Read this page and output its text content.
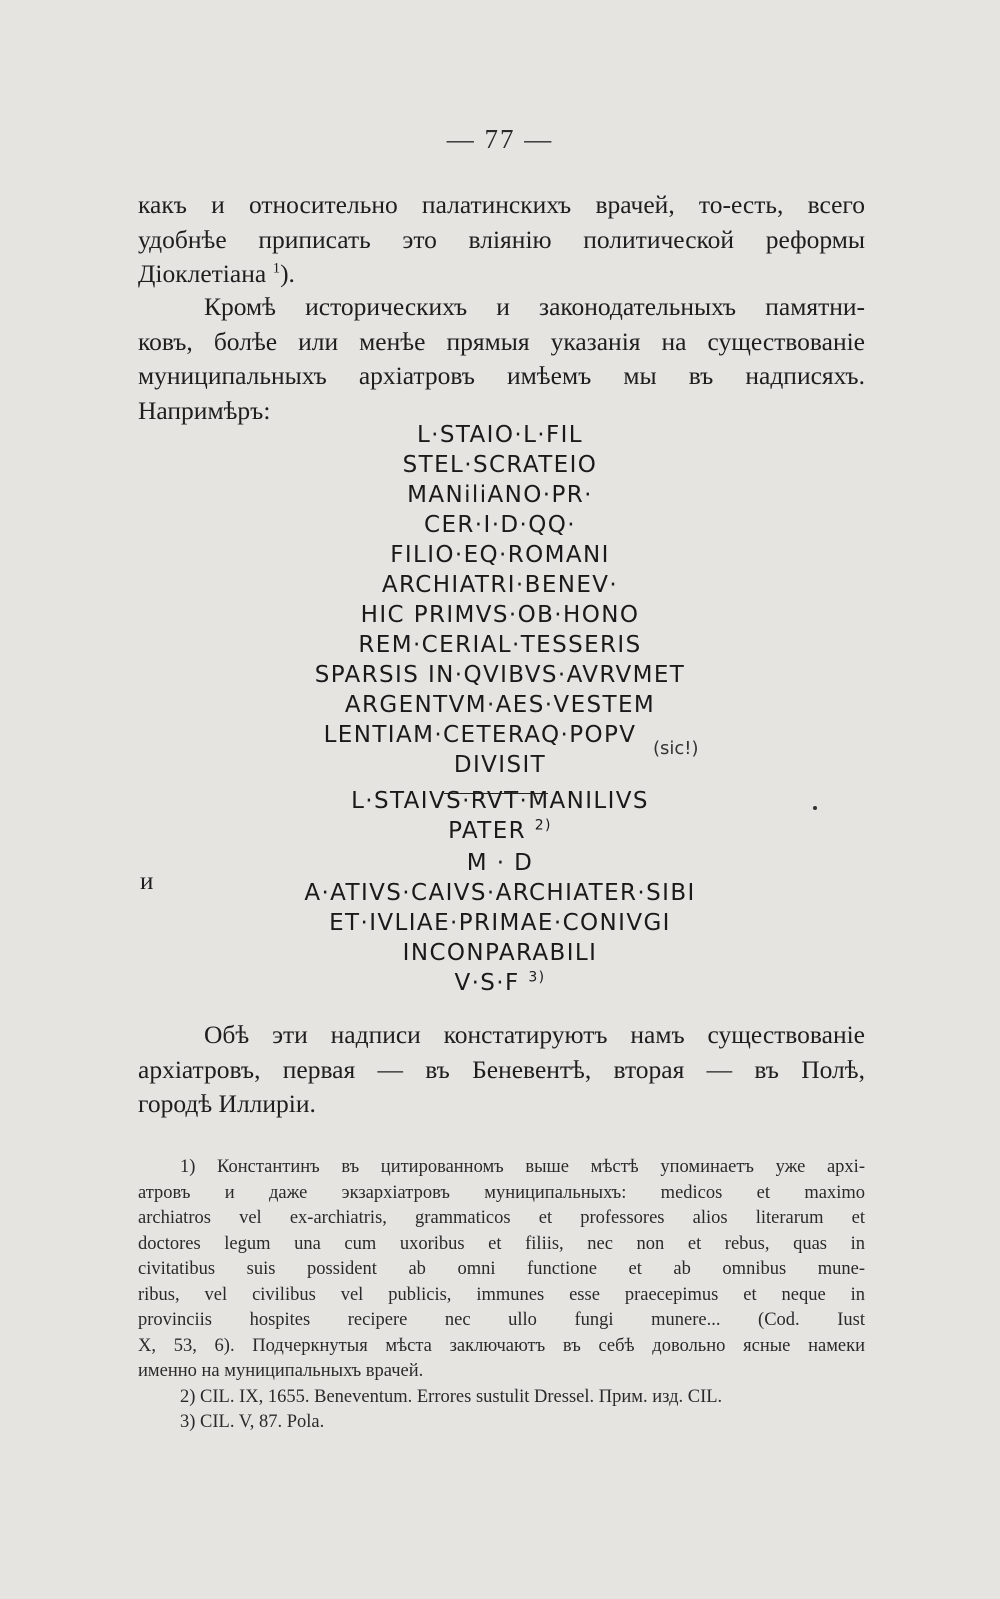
— 77 —
какъ и относительно палатинскихъ врачей, то-есть, всего
удобнѣе приписать это вліянію политической реформы
Діоклетіана $^1$).
Кромѣ историческихъ и законодательныхъ памятни-
ковъ, болѣе или менѣе прямыя указанія на существованіе
муниципальныхъ архіатровъ имѣемъ мы въ надписяхъ.
Напримѣръ:
L·STAIO·L·FIL
STEL·SCRATEIO
MANiliANO·PR·
CER·I·D·QQ·
FILIO·EQ·ROMANI
ARCHIATRI·BENEV·
HIC PRIMVS·OB·HONO
REM·CERIAL·TESSERIS
SPARSIS IN·QVIBVS·AVRVMET
ARGENTVM·AES·VESTEM
LENTIAM·CETERAQ·POPV
DIVISIT
L·STAIVS·RVT·MANILIVS
PATER $^{2)}$
(sic!)
и
M · D
A·ATIVS·CAIVS·ARCHIATER·SIBI
ET·IVLIAE·PRIMAE·CONIVGI
INCONPARABILI
V·S·F $^{3)}$
Обѣ эти надписи констатируютъ намъ существованіе
архіатровъ, первая — въ Беневентѣ, вторая — въ Полѣ,
городѣ Иллиріи.
1) Константинъ въ цитированномъ выше мѣстѣ упоминаетъ уже архі-
атровъ и даже экзархіатровъ муниципальныхъ: medicos et maximo
archiatros vel ex-archiatris, grammaticos et professores alios literarum et
doctores legum una cum uxoribus et filiis, nec non et rebus, quas in
civitatibus suis possident ab omni functione et ab omnibus mune-
ribus, vel civilibus vel publicis, immunes esse praecepimus et neque in
provinciis hospites recipere nec ullo fungi munere... (Cod. Iust
X, 53, 6). Подчеркнутыя мѣста заключаютъ въ себѣ довольно ясные намеки
именно на муниципальныхъ врачей.
2) CIL. IX, 1655. Beneventum. Errores sustulit Dressel. Прим. изд. CIL.
3) CIL. V, 87. Pola.
